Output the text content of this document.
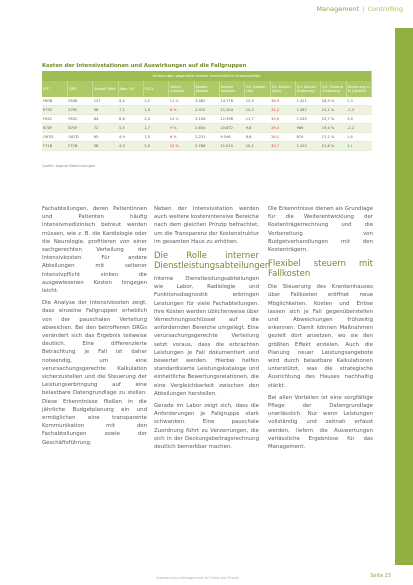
Management | Controlling
Kosten der Intensivstationen und Auswirkungen auf die Fallgruppen
Änderungen gegenüber Kosten einschließlich Intensivpflege												
ATC	DRG	Anzahl Fälle	Abw. HV	PCCL	Anteil Intensiv	Kosten Station	Kosten Intensiv	Erl. Kosten (ist)	Erl. Kosten (neu)	Erl. Kosten Änderung	Erl. Gesamt Änderung	Änderung in % (relativ)
F60B	F60B	127	9,4	2,2	11 %	3.482	14.776	12,9	38,9	1.321	28,9 %	2,9
E79C	E79C	96	7,1	1,9	8 %	2.915	11.204	10,3	31,2	1.087	22,1 %	-1,4
F62C	F62C	84	6,8	2,4	14 %	3.106	12.398	11,7	35,6	1.245	25,7 %	3,8
B70F	B70F	72	5,5	1,7	9 %	2.654	10.872	9,8	29,4	986	19,4 %	-2,2
G67D	G67D	65	4,9	1,5	6 %	2.231	9.546	8,6	26,1	874	17,2 %	1,6
F71B	F71B	58	4,3	2,0	12 %	2.788	11.015	10,1	30,7	1.102	21,8 %	4,1
Quelle: eigene Berechnungen

Fachabteilungen, deren Patientinnen und Patienten häufig intensivmedizinisch betreut werden müssen, wie z. B. die Kardiologie oder die Neurologie, profitieren von einer sachgerechten Verteilung der Intensivkosten. Für andere Abteilungen mit seltener Intensivpflicht sinken die ausgewiesenen Kosten hingegen leicht.

Die Analyse der Intensivkosten zeigt, dass einzelne Fallgruppen erheblich von der pauschalen Verteilung abweichen. Bei den betroffenen DRGs verändert sich das Ergebnis teilweise deutlich. Eine differenzierte Betrachtung je Fall ist daher notwendig, um eine verursachungsgerechte Kalkulation sicherzustellen und die Steuerung der Leistungserbringung auf eine belastbare Datengrundlage zu stellen. Diese Erkenntnisse fließen in die jährliche Budgetplanung ein und ermöglichen eine transparente Kommunikation mit den Fachabteilungen sowie der Geschäftsführung.

Neben der Intensivstation werden auch weitere kostenintensive Bereiche nach dem gleichen Prinzip betrachtet, um die Transparenz der Kostenstruktur im gesamten Haus zu erhöhen.

Die Rolle interner Dienstleistungsabteilungen

Interne Dienstleistungsabteilungen wie Labor, Radiologie und Funktionsdiagnostik erbringen Leistungen für viele Fachabteilungen. Ihre Kosten werden üblicherweise über Verrechnungsschlüssel auf die anfordernden Bereiche umgelegt. Eine verursachungsgerechte Verteilung setzt voraus, dass die erbrachten Leistungen je Fall dokumentiert und bewertet werden. Hierbei helfen standardisierte Leistungskataloge und einheitliche Bewertungsrelationen, die eine Vergleichbarkeit zwischen den Abteilungen herstellen.

Gerade im Labor zeigt sich, dass die Anforderungen je Fallgruppe stark schwanken. Eine pauschale Zuordnung führt zu Verzerrungen, die sich in der Deckungsbeitragsrechnung deutlich bemerkbar machen.

Die Erkenntnisse dienen als Grundlage für die Weiterentwicklung der Kostenträgerrechnung und die Vorbereitung von Budgetverhandlungen mit den Kostenträgern.

Flexibel steuern mit Fallkosten

Die Steuerung des Krankenhauses über Fallkosten eröffnet neue Möglichkeiten. Kosten und Erlöse lassen sich je Fall gegenüberstellen und Abweichungen frühzeitig erkennen. Damit können Maßnahmen gezielt dort ansetzen, wo sie den größten Effekt erzielen. Auch die Planung neuer Leistungsangebote wird durch belastbare Kalkulationen unterstützt, was die strategische Ausrichtung des Hauses nachhaltig stärkt.

Bei allen Vorteilen ist eine sorgfältige Pflege der Datengrundlage unerlässlich. Nur wenn Leistungen vollständig und zeitnah erfasst werden, liefern die Auswertungen verlässliche Ergebnisse für das Management.

Krankenhaus-Management im Fokus der Praxis	Seite 23
